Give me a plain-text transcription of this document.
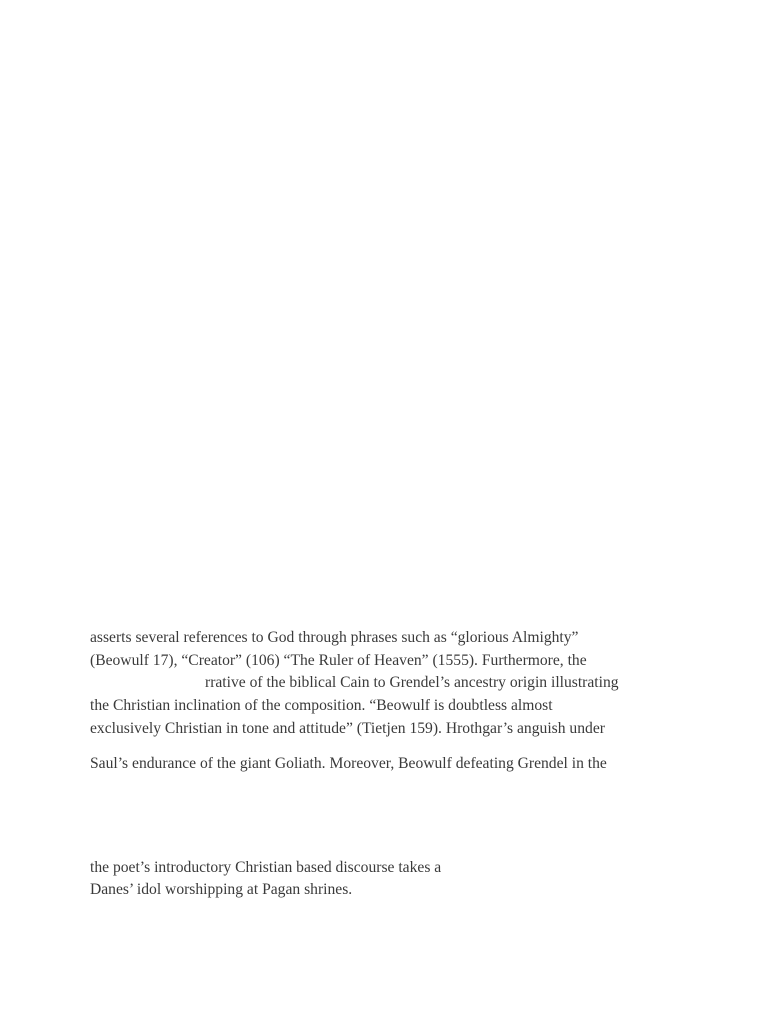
asserts several references to God through phrases such as “glorious Almighty”
(Beowulf 17), “Creator” (106) “The Ruler of Heaven” (1555). Furthermore, the
rrative of the biblical Cain to Grendel’s ancestry origin illustrating
the Christian inclination of the composition. “Beowulf is doubtless almost
exclusively Christian in tone and attitude” (Tietjen 159). Hrothgar’s anguish under
Saul’s endurance of the giant Goliath. Moreover, Beowulf defeating Grendel in the
the poet’s introductory Christian based discourse takes a
Danes’ idol worshipping at Pagan shrines.
